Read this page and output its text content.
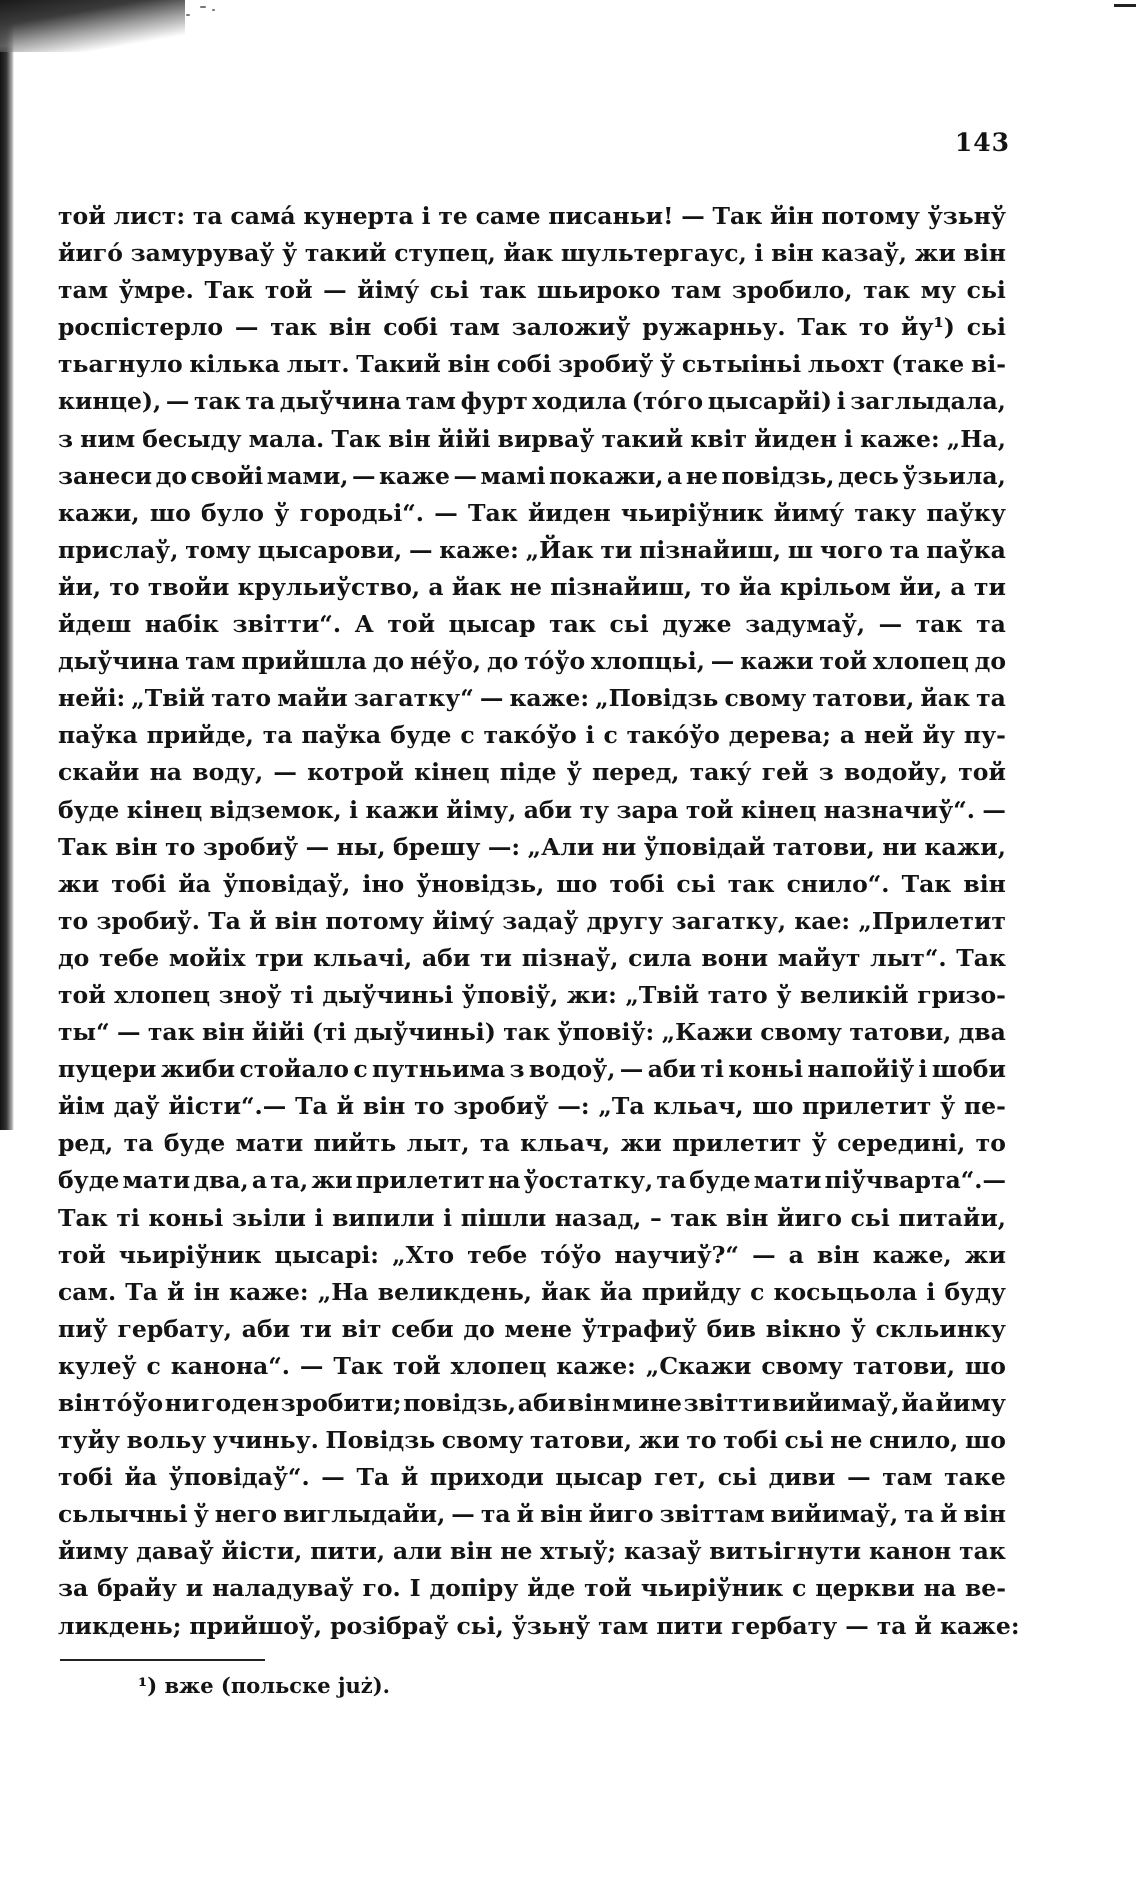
143
той лист: та сама́ кунерта і те саме писаньи! — Так йін потому ўзьнў
йиго́ замуруваў ў такий ступец, йак шультергаус, і він казаў, жи він
там ўмре. Так той — йіму́ сьі так шьироко там зробило, так му сьі
роспістерло — так він собі там заложиў ружарньу. Так то йу¹) сьі
тьагнуло кілька лыт. Такий він собі зробиў ў сьтыіньі льохт (таке ві-
кинце), — так та дыўчина там фурт ходила (то́го цысарйі) і заглыдала,
з ним бесыду мала. Так він йійі вирваў такий квіт йиден і каже: „На,
занеси до свойі мами, — каже — мамі покажи, а не повідзь, десь ўзьила,
кажи, шо було ў городьі“. — Так йиден чьиріўник йиму́ таку паўку
прислаў, тому цысарови, — каже: „Йак ти пізнайиш, ш чого та паўка
йи, то твойи крульиўство, а йак не пізнайиш, то йа крільом йи, а ти
йдеш набік звітти“. А той цысар так сьі дуже задумаў, — так та
дыўчина там прийшла до не́ўо, до то́ўо хлопцьі, — кажи той хлопец до
нейі: „Твій тато майи загатку“ — каже: „Повідзь свому татови, йак та
паўка прийде, та паўка буде с тако́ўо і с тако́ўо дерева; а ней йу пу-
скайи на воду, — котрой кінец піде ў перед, таку́ гей з водойу, той
буде кінец відземок, і кажи йіму, аби ту зара той кінец назначиў“. —
Так він то зробиў — ны, брешу —: „Али ни ўповідай татови, ни кажи,
жи тобі йа ўповідаў, іно ўновідзь, шо тобі сьі так снило“. Так він
то зробиў. Та й він потому йіму́ задаў другу загатку, каe: „Прилетит
до тебе мойіх три кльачі, аби ти пізнаў, сила вони майут лыт“. Так
той хлопец зноў ті дыўчиньі ўповіў, жи: „Твій тато ў великій гризо-
ты“ — так він йійі (ті дыўчиньі) так ўповіў: „Кажи свому татови, два
пуцери жиби стойало с путньима з водоў, — аби ті коньі напойіў і шоби
йім даў йісти“.— Та й він то зробиў —: „Та кльач, шо прилетит ў пе-
ред, та буде мати пийть лыт, та кльач, жи прилетит ў середині, то
буде мати два, а та, жи прилетит на ўостатку, та буде мати піўчварта“.—
Так ті коньі зьіли і випили і пішли назад, – так він йиго сьі питайи,
той чьиріўник цысарі: „Хто тебе то́ўо научиў?“ — а він каже, жи
сам. Та й ін каже: „На великдень, йак йа прийду с косьцьола і буду
пиў гербату, аби ти віт себи до мене ўтрафиў бив вікно ў скльинку
кулеў с канона“. — Так той хлопец каже: „Скажи свому татови, шо
він то́ўо ни годен зробити; повідзь, аби він мине звітти вийимаў, йа йиму
туйу вольу учиньу. Повідзь свому татови, жи то тобі сьі не снило, шо
тобі йа ўповідаў“. — Та й приходи цысар гет, сьі диви — там таке
сьлычньі ў него виглыдайи, — та й він йиго звіттам вийимаў, та й він
йиму даваў йісти, пити, али він не хтыў; казаў витьігнути канон так
за брайу и наладуваў го. І допіру йде той чьиріўник с церкви на ве-
ликдень; прийшоў, розібраў сьі, ўзьнў там пити гербату — та й каже:
¹) вже (польске już).
